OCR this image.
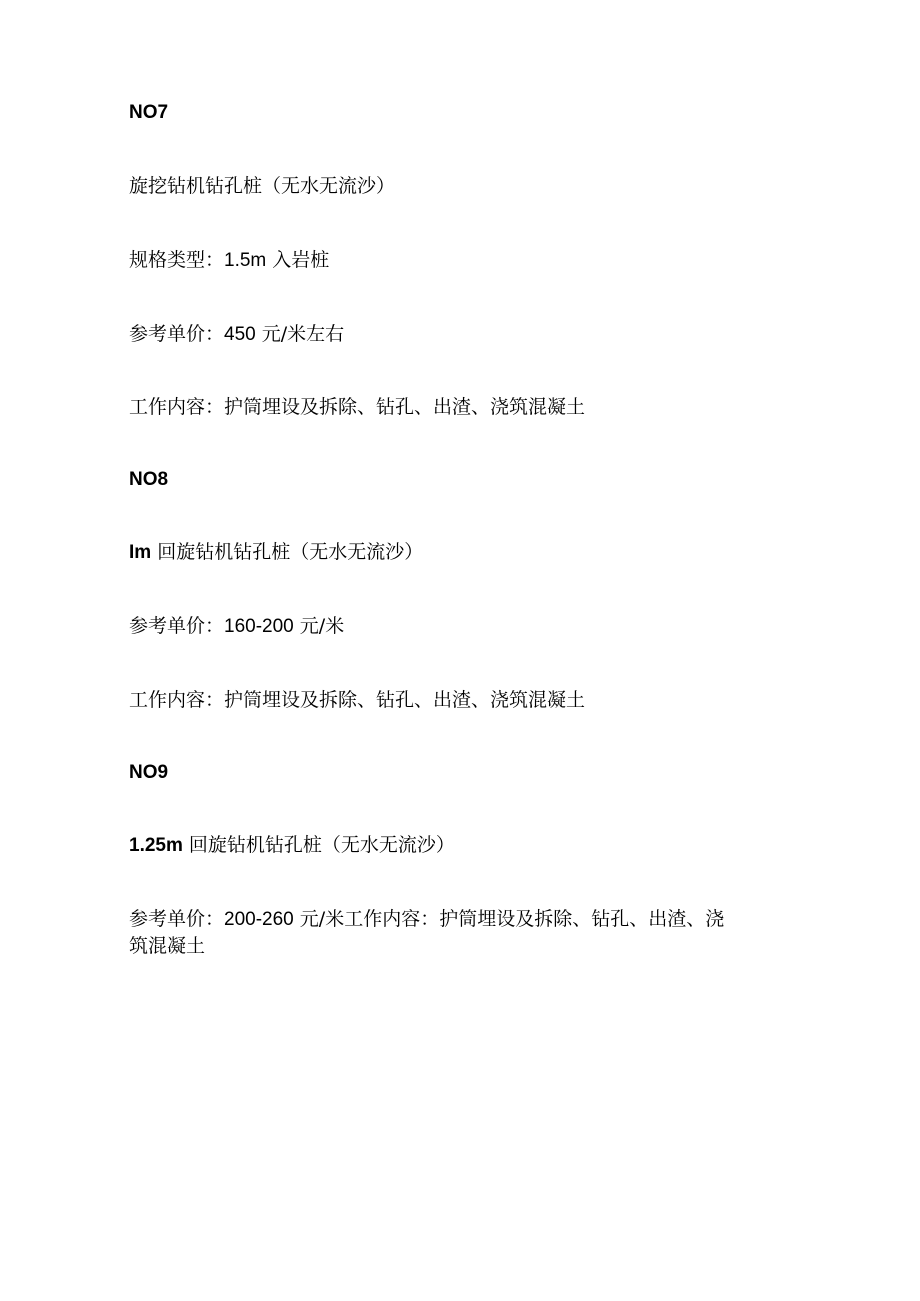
NO7
旋挖钻机钻孔桩（无水无流沙）
规格类型：1.5m 入岩桩
参考单价：450 元/米左右
工作内容：护筒埋设及拆除、钻孔、出渣、浇筑混凝土
NO8
Im 回旋钻机钻孔桩（无水无流沙）
参考单价：160-200 元/米
工作内容：护筒埋设及拆除、钻孔、出渣、浇筑混凝土
NO9
1.25m 回旋钻机钻孔桩（无水无流沙）
参考单价：200-260 元/米工作内容：护筒埋设及拆除、钻孔、出渣、浇
筑混凝土
